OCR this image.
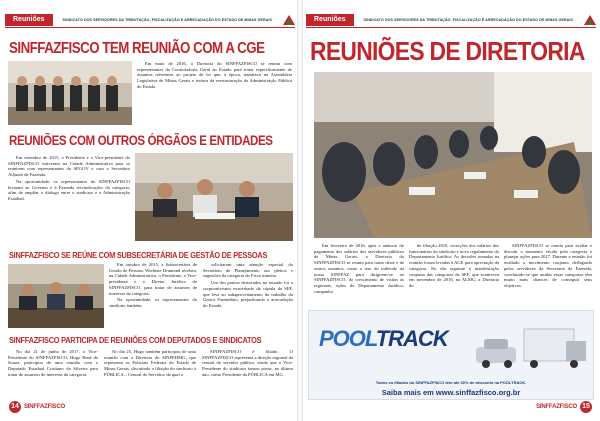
Reuniões	SINDICATO DOS SERVIDORES DA TRIBUTAÇÃO, FISCALIZAÇÃO E ARRECADAÇÃO DO ESTADO DE MINAS GERAIS
SINFFAZFISCO TEM REUNIÃO COM A CGE

Em maio de 2016, a Diretoria do SINFFAZFISCO se reuniu com representantes da Controladoria Geral do Estado para tratar especificamente de assuntos referentes ao projeto de lei que, à época, tramitava na Assembleia Legislativa de Minas Gerais e tratava da reestruturação da Administração Pública do Estado.

REUNIÕES COM OUTROS ÓRGÃOS E ENTIDADES

Em setembro de 2015, o Presidente e o Vice-presidente do SINFFAZFISCO estiveram na Cidade Administrativa para se reunirem com representantes da SEGOV e com o Secretário Adjunto de Fazenda.

Na oportunidade, os representantes do SINFFAZFISCO levaram ao Governo e à Fazenda reivindicações da categoria, afim de ampliar o diálogo entre o sindicato e a Administração Estadual.

SINFFAZFISCO SE REÚNE COM SUBSECRETÁRIA DE GESTÃO DE PESSOAS

Em outubro de 2015, a Subsecretária de Gestão de Pessoas, Wieliene Drumond recebeu, na Cidade Administrativa, o Presidente, o Vice-presidente e o Diretor Jurídico do SINFFAZFISCO, para tratar de assuntos de interesse da categoria.

Na oportunidade, os representantes do sindicato também

solicitaram uma atenção especial do Secretário de Planejamento aos pleitos e sugestões da categoria do Fisco mineiro.

Um dos pontos destacados na reunião foi o corporativismo exacerbado da cúpula da SEF, que leva ao subaproveitamento do trabalho do Gestor Fazendário, prejudicando a arrecadação do Estado.

SINFFAZFISCO PARTICIPA DE REUNIÕES COM DEPUTADOS E SINDICATOS

No dia 21 de junho de 2017, o Vice-Presidente do SINFFAZFISCO, Hugo René de Souza, participou de uma reunião com o Deputado Estadual Cristiano da Silveira para tratar de assuntos de interesse da categoria.

No dia 25, Hugo também participou de uma reunião com a Diretoria do SINFEHMG, que representa os Policiais Federais do Estado de Minas Gerais, discutindo a filiação do sindicato à PÚBLICA – Central do Servidor, da qual o

SINFFAZFISCO é filiado. O SINFFAZFISCO representa a direção regional da central do servidor público, sendo que o Vice-Presidente do sindicato tomou posse, no último ano, como Presidente da PÚBLICA em MG.

14 SINFFAZFISCO
Reuniões	SINDICATO DOS SERVIDORES DA TRIBUTAÇÃO, FISCALIZAÇÃO E ARRECADAÇÃO DO ESTADO DE MINAS GERAIS
REUNIÕES DE DIRETORIA

Em fevereiro de 2016, após o anúncio do pagamento dos salários dos servidores públicos de Minas Gerais, a Diretoria do SINFFAZFISCO se reuniu para tratar deste e de outros assuntos, como o teor do indevido da nossa SINFFAZ para dirigirem-se ao SINFFAZFISCO, do crescimento de visitas às regionais, ações do Departamento Jurídico, campanha

de filiação 2016, correções dos salários dos funcionários do sindicato e novo regulamento do Departamento Jurídico. As decisões tomadas na reunião foram levadas à AGE para apreciação da categoria. No dia seguinte à manifestação conjunta das categorias da SEF, que aconteceu em novembro de 2016, na ALMG, a Diretoria do

SINFFAZFISCO se reuniu para avaliar e discutir o momento vivido pela categoria e planejar ações para 2017. Durante a reunião foi avaliado o movimento conjunto deflagrado pelos servidores da Secretaria de Fazenda, concluindo-se que unidas essas categorias têm muito mais chances de conseguir seus objetivos.

POOLTRACK
Todos os filiados do SINFFAZFISCO têm até 30% de desconto na POOLTRACK.
Saiba mais em www.sinffazfisco.org.br
SINFFAZFISCO 15
